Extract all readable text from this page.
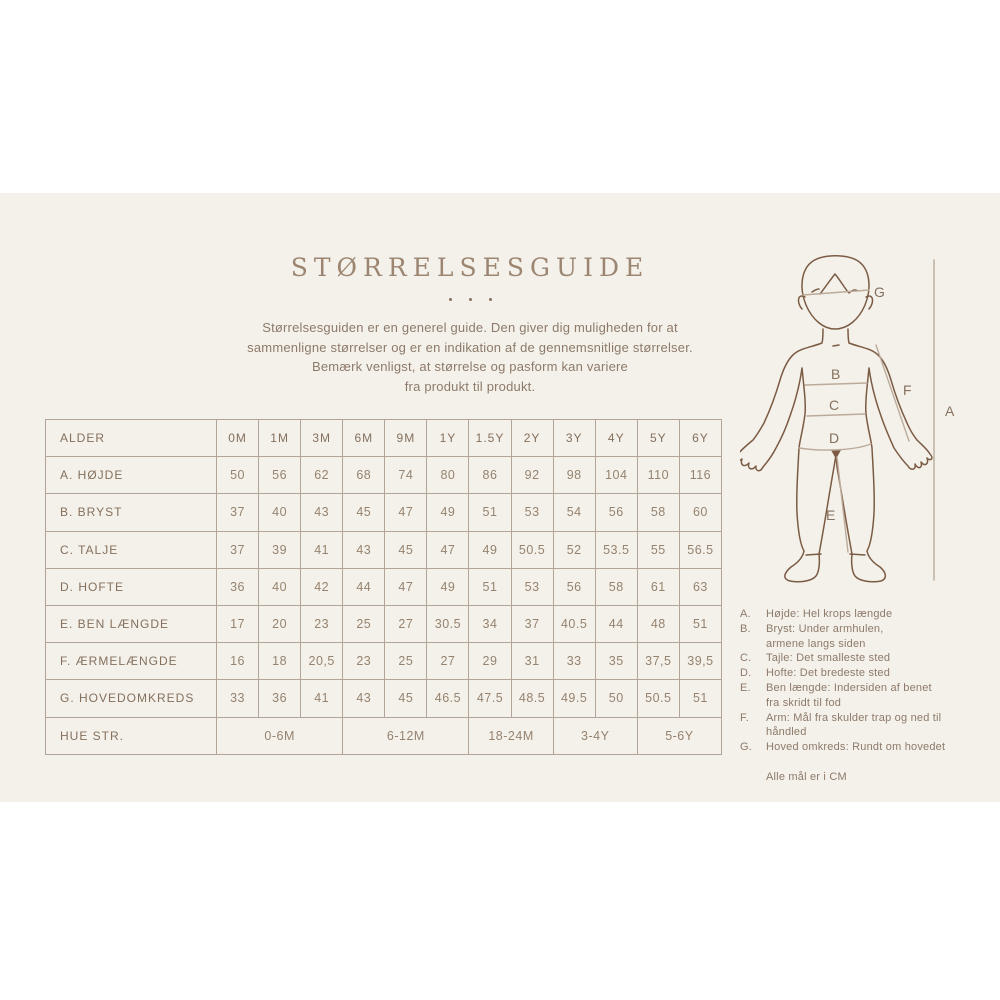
STØRRELSESGUIDE
Størrelsesguiden er en generel guide. Den giver dig muligheden for at
sammenligne størrelser og er en indikation af de gennemsnitlige størrelser.
Bemærk venligst, at størrelse og pasform kan variere
fra produkt til produkt.
ALDER	0M	1M	3M	6M	9M	1Y	1.5Y	2Y	3Y	4Y	5Y	6Y
A. HØJDE	50	56	62	68	74	80	86	92	98	104	110	116
B. BRYST	37	40	43	45	47	49	51	53	54	56	58	60
C. TALJE	37	39	41	43	45	47	49	50.5	52	53.5	55	56.5
D. HOFTE	36	40	42	44	47	49	51	53	56	58	61	63
E. BEN LÆNGDE	17	20	23	25	27	30.5	34	37	40.5	44	48	51
F. ÆRMELÆNGDE	16	18	20,5	23	25	27	29	31	33	35	37,5	39,5
G. HOVEDOMKREDS	33	36	41	43	45	46.5	47.5	48.5	49.5	50	50.5	51
HUE STR.	0-6M			6-12M			18-24M		3-4Y		5-6Y	
A
B
C
D
E
F
G
A.	Højde: Hel krops længde
B.	Bryst: Under armhulen,
armene langs siden
C.	Tajle: Det smalleste sted
D.	Hofte: Det bredeste sted
E.	Ben længde: Indersiden af benet
fra skridt til fod
F.	Arm: Mål fra skulder trap og ned til
håndled
G.	Hoved omkreds: Rundt om hovedet
Alle mål er i CM
